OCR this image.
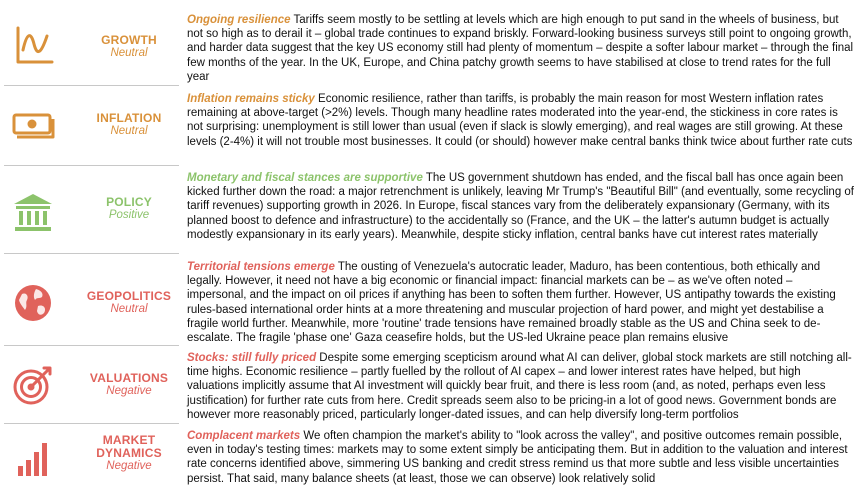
GROWTH
Neutral
Ongoing resilience Tariffs seem mostly to be settling at levels which are high enough to put sand in the wheels of business, but not so high as to derail it – global trade continues to expand briskly. Forward-looking business surveys still point to ongoing growth, and harder data suggest that the key US economy still had plenty of momentum – despite a softer labour market – through the final few months of the year. In the UK, Europe, and China patchy growth seems to have stabilised at close to trend rates for the full year
INFLATION
Neutral
Inflation remains sticky Economic resilience, rather than tariffs, is probably the main reason for most Western inflation rates remaining at above-target (>2%) levels. Though many headline rates moderated into the year-end, the stickiness in core rates is not surprising: unemployment is still lower than usual (even if slack is slowly emerging), and real wages are still growing. At these levels (2-4%) it will not trouble most businesses. It could (or should) however make central banks think twice about further rate cuts
POLICY
Positive
Monetary and fiscal stances are supportive The US government shutdown has ended, and the fiscal ball has once again been kicked further down the road: a major retrenchment is unlikely, leaving Mr Trump's "Beautiful Bill" (and eventually, some recycling of tariff revenues) supporting growth in 2026. In Europe, fiscal stances vary from the deliberately expansionary (Germany, with its planned boost to defence and infrastructure) to the accidentally so (France, and the UK – the latter's autumn budget is actually modestly expansionary in its early years). Meanwhile, despite sticky inflation, central banks have cut interest rates materially
GEOPOLITICS
Neutral
Territorial tensions emerge The ousting of Venezuela's autocratic leader, Maduro, has been contentious, both ethically and legally. However, it need not have a big economic or financial impact: financial markets can be – as we've often noted – impersonal, and the impact on oil prices if anything has been to soften them further. However, US antipathy towards the existing rules-based international order hints at a more threatening and muscular projection of hard power, and might yet destabilise a fragile world further. Meanwhile, more 'routine' trade tensions have remained broadly stable as the US and China seek to de-escalate. The fragile 'phase one' Gaza ceasefire holds, but the US-led Ukraine peace plan remains elusive
VALUATIONS
Negative
Stocks: still fully priced Despite some emerging scepticism around what AI can deliver, global stock markets are still notching all-time highs. Economic resilience – partly fuelled by the rollout of AI capex – and lower interest rates have helped, but high valuations implicitly assume that AI investment will quickly bear fruit, and there is less room (and, as noted, perhaps even less justification) for further rate cuts from here. Credit spreads seem also to be pricing-in a lot of good news. Government bonds are however more reasonably priced, particularly longer-dated issues, and can help diversify long-term portfolios
MARKET
DYNAMICS
Negative
Complacent markets We often champion the market's ability to "look across the valley", and positive outcomes remain possible, even in today's testing times: markets may to some extent simply be anticipating them. But in addition to the valuation and interest rate concerns identified above, simmering US banking and credit stress remind us that more subtle and less visible uncertainties persist. That said, many balance sheets (at least, those we can observe) look relatively solid
